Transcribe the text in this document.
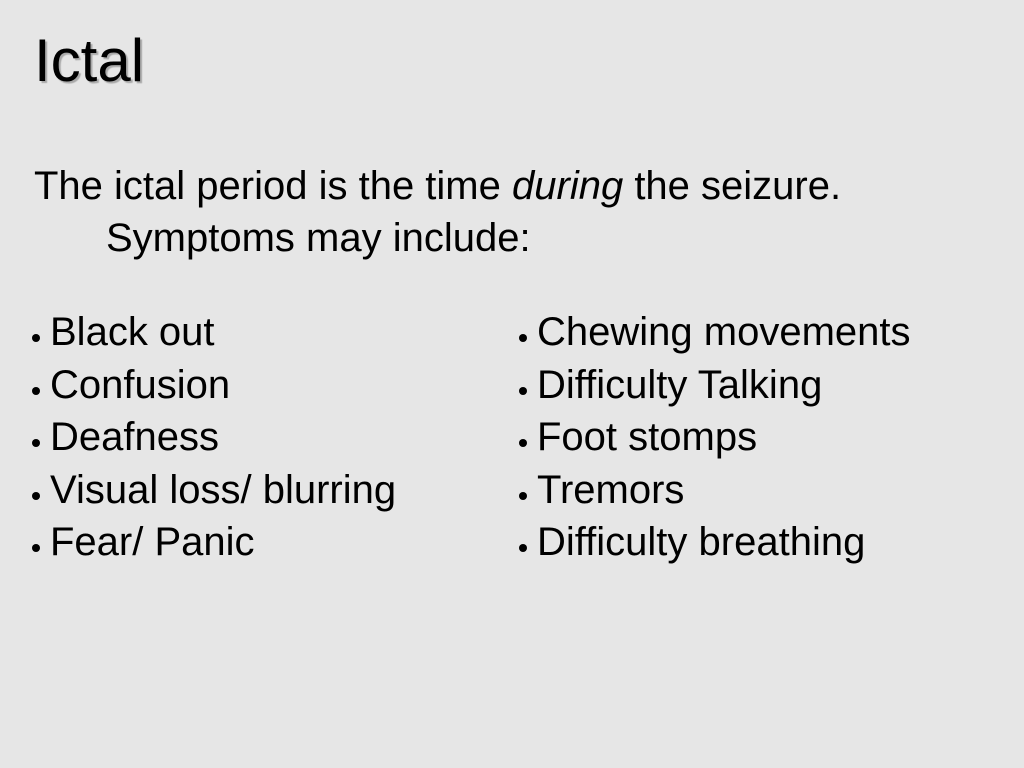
Ictal
The ictal period is the time during the seizure.
Symptoms may include:
Black out
Confusion
Deafness
Visual loss/ blurring
Fear/ Panic
Chewing movements
Difficulty Talking
Foot stomps
Tremors
Difficulty breathing
